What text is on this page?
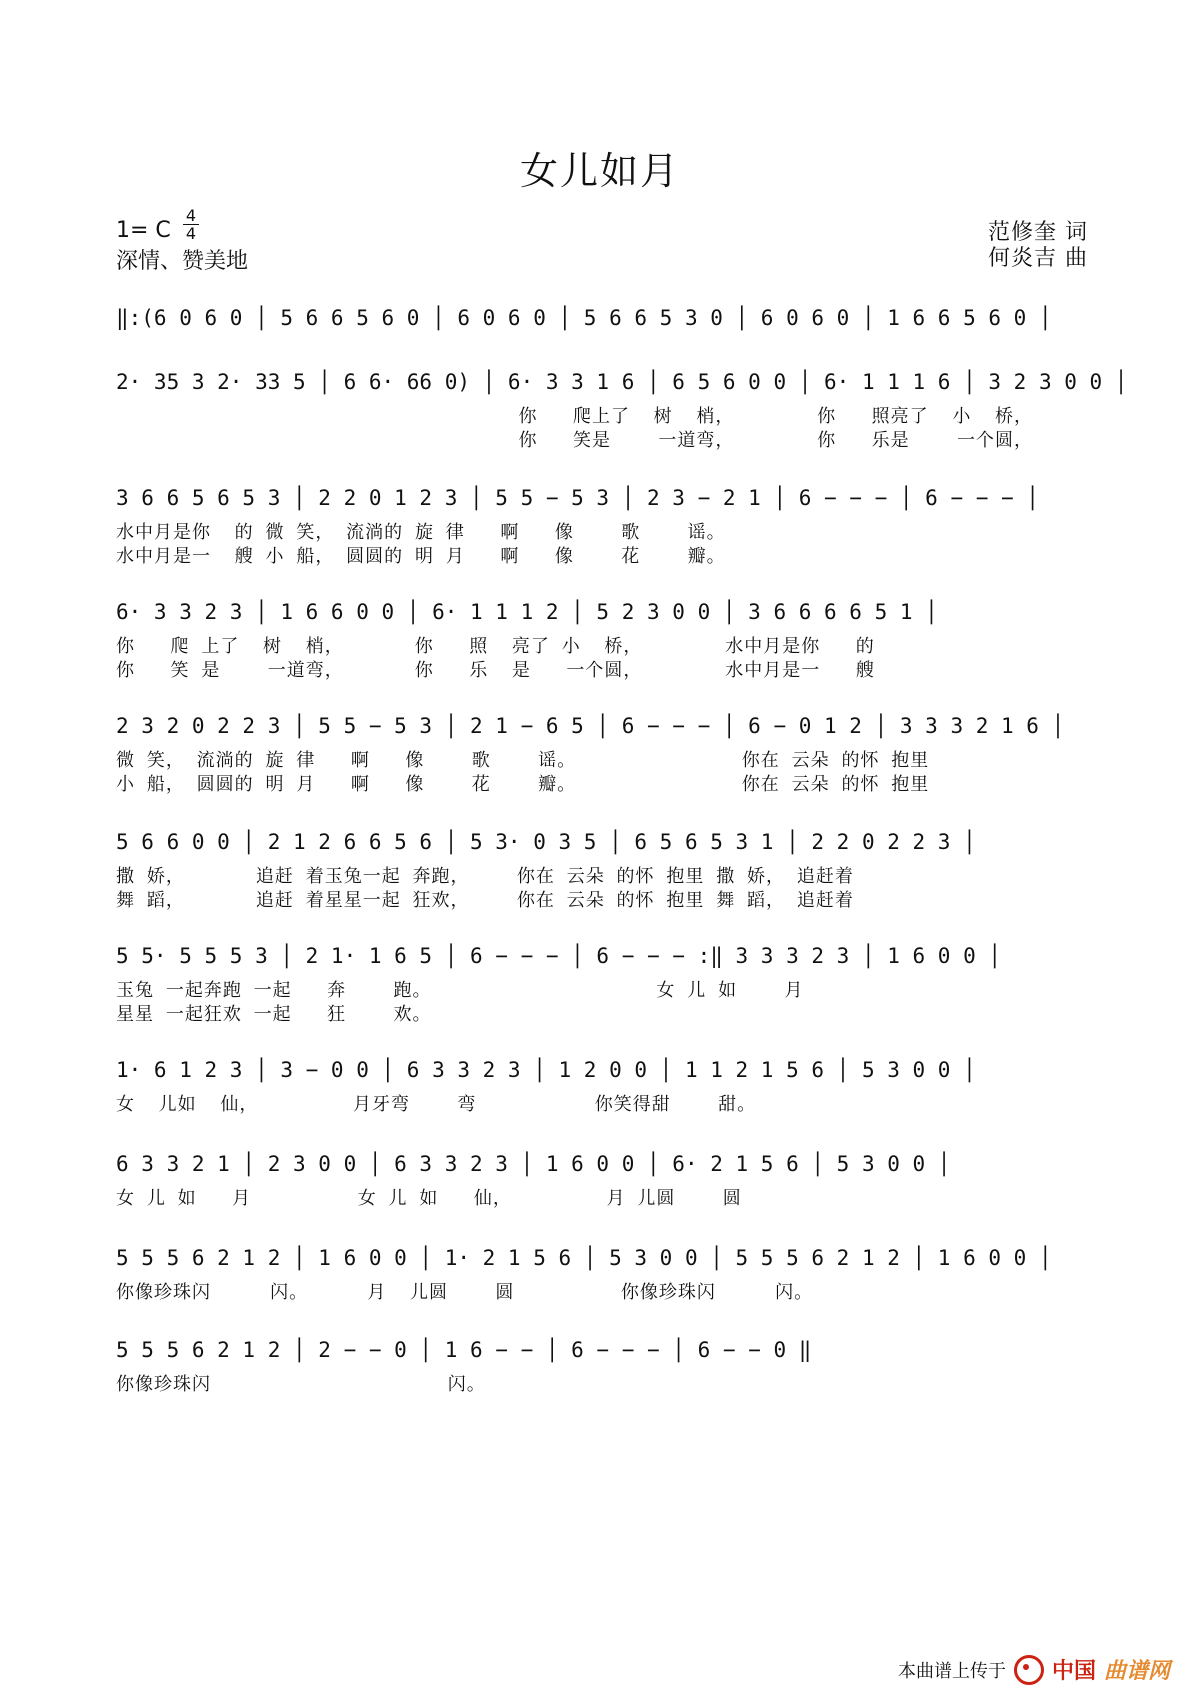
女儿如月
1= C
4
4
深情、赞美地
范修奎 词
何炎吉 曲
‖:(6 0 6 0 │ 5 6 6 5 6 0 │ 6 0 6 0 │ 5 6 6 5 3 0 │ 6 0 6 0 │ 1 6 6 5 6 0 │
2· 35 3 2· 33 5 │ 6 6· 66 0) │ 6· 3 3 1 6 │ 6 5 6 0 0 │ 6· 1 1 1 6 │ 3 2 3 0 0 │
你   爬上了  树  梢，       你   照亮了  小  桥，
你   笑是    一道弯，       你   乐是    一个圆，
3 6 6 5 6 5 3 │ 2 2 0 1 2 3 │ 5 5 − 5 3 │ 2 3 − 2 1 │ 6 − − − │ 6 − − − │
水中月是你  的 微 笑， 流淌的 旋 律   啊   像    歌    谣。
水中月是一  艘 小 船， 圆圆的 明 月   啊   像    花    瓣。
6· 3 3 2 3 │ 1 6 6 0 0 │ 6· 1 1 1 2 │ 5 2 3 0 0 │ 3 6 6 6 6 5 1 │
你   爬 上了  树  梢，      你   照  亮了 小  桥，       水中月是你   的
你   笑 是    一道弯，      你   乐  是   一个圆，       水中月是一   艘
2 3 2 0 2 2 3 │ 5 5 − 5 3 │ 2 1 − 6 5 │ 6 − − − │ 6 − 0 1 2 │ 3 3 3 2 1 6 │
微 笑， 流淌的 旋 律   啊   像    歌    谣。              你在 云朵 的怀 抱里
小 船， 圆圆的 明 月   啊   像    花    瓣。              你在 云朵 的怀 抱里
5 6 6 0 0 │ 2 1 2 6 6 5 6 │ 5 3· 0 3 5 │ 6 5 6 5 3 1 │ 2 2 0 2 2 3 │
撒 娇，      追赶 着玉兔一起 奔跑，    你在 云朵 的怀 抱里 撒 娇， 追赶着
舞 蹈，      追赶 着星星一起 狂欢，    你在 云朵 的怀 抱里 舞 蹈， 追赶着
5 5· 5 5 5 3 │ 2 1· 1 6 5 │ 6 − − − │ 6 − − − :‖ 3 3 3 2 3 │ 1 6 0 0 │
玉兔 一起奔跑 一起   奔    跑。                   女 儿 如    月
星星 一起狂欢 一起   狂    欢。
1· 6 1 2 3 │ 3 − 0 0 │ 6 3 3 2 3 │ 1 2 0 0 │ 1 1 2 1 5 6 │ 5 3 0 0 │
女  儿如  仙，        月牙弯    弯          你笑得甜    甜。
6 3 3 2 1 │ 2 3 0 0 │ 6 3 3 2 3 │ 1 6 0 0 │ 6· 2 1 5 6 │ 5 3 0 0 │
女 儿 如   月         女 儿 如   仙，        月 儿圆    圆
5 5 5 6 2 1 2 │ 1 6 0 0 │ 1· 2 1 5 6 │ 5 3 0 0 │ 5 5 5 6 2 1 2 │ 1 6 0 0 │
你像珍珠闪     闪。     月  儿圆    圆         你像珍珠闪     闪。
5 5 5 6 2 1 2 │ 2 − − 0 │ 1 6 − − │ 6 − − − │ 6 − − 0 ‖
你像珍珠闪                    闪。
本曲谱上传于 中国 曲谱网
